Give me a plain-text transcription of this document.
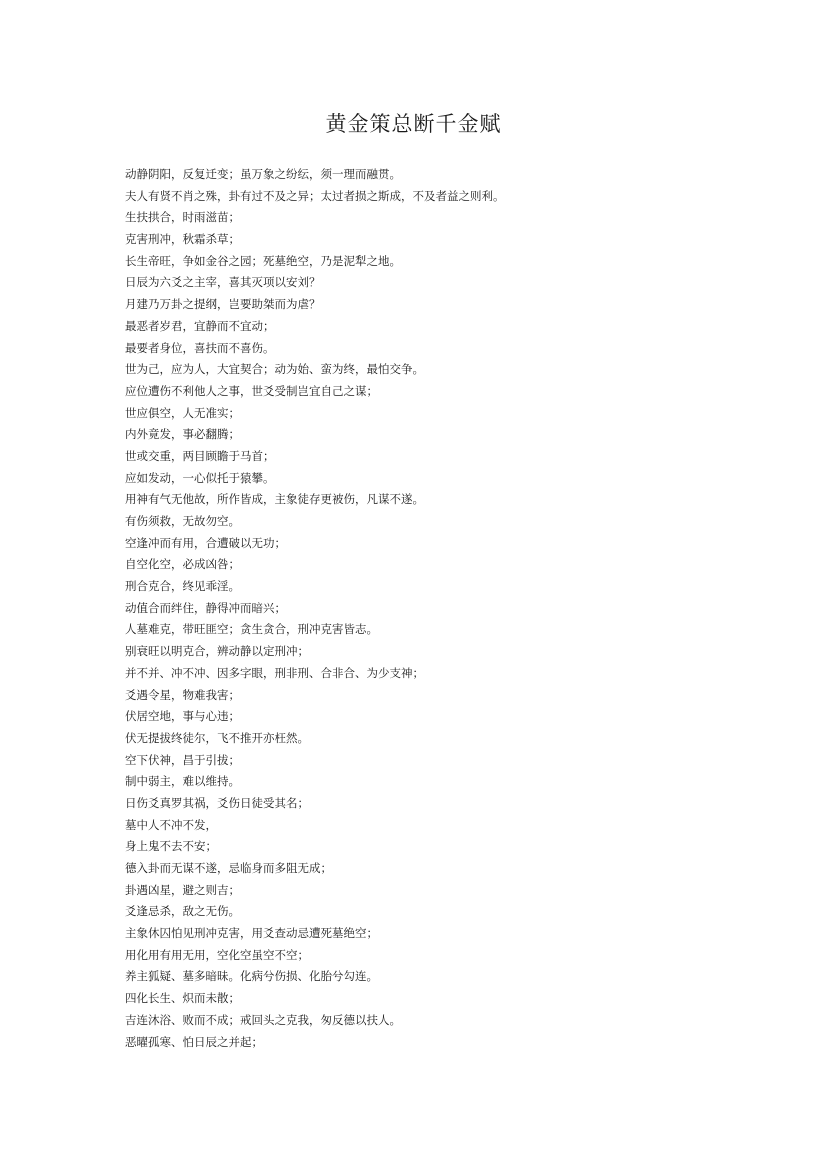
黄金策总断千金赋
动静阴阳，反复迁变；虽万象之纷纭，须一理而融贯。
夫人有贤不肖之殊，卦有过不及之异；太过者损之斯成，不及者益之则利。
生扶拱合，时雨滋苗；
克害刑冲，秋霜杀草；
长生帝旺，争如金谷之园；死墓绝空，乃是泥犁之地。
日辰为六爻之主宰，喜其灭项以安刘？
月建乃万卦之提纲，岂要助桀而为虐？
最恶者岁君，宜静而不宜动；
最要者身位，喜扶而不喜伤。
世为己，应为人，大宜契合；动为始、蛮为终，最怕交争。
应位遭伤不利他人之事，世爻受制岂宜自己之谋；
世应俱空，人无准实；
内外竟发，事必翻腾；
世或交重，两目顾瞻于马首；
应如发动，一心似托于猿攀。
用神有气无他故，所作皆成，主象徒存更被伤，凡谋不遂。
有伤须救，无故勿空。
空逢冲而有用，合遭破以无功；
自空化空，必成凶咎；
刑合克合，终见乖淫。
动值合而绊住，静得冲而暗兴；
人墓难克，带旺匪空；贪生贪合，刑冲克害皆志。
别衰旺以明克合，辨动静以定刑冲；
并不并、冲不冲、因多字眼，刑非刑、合非合、为少支神；
爻遇令星，物难我害；
伏居空地，事与心违；
伏无提拔终徒尔，飞不推开亦枉然。
空下伏神，昌于引拔；
制中弱主，难以维持。
日伤爻真罗其祸，爻伤日徒受其名；
墓中人不冲不发，
身上鬼不去不安；
德入卦而无谋不遂，忌临身而多阻无成；
卦遇凶星，避之则吉；
爻逢忌杀，敌之无伤。
主象休囚怕见刑冲克害，用爻查动忌遭死墓绝空；
用化用有用无用，空化空虽空不空；
养主狐疑、墓多暗昧。化病兮伤损、化胎兮勾连。
四化长生、炽而未散；
吉连沐浴、败而不成；戒回头之克我，匆反德以扶人。
恶曜孤寒、怕日辰之并起；
